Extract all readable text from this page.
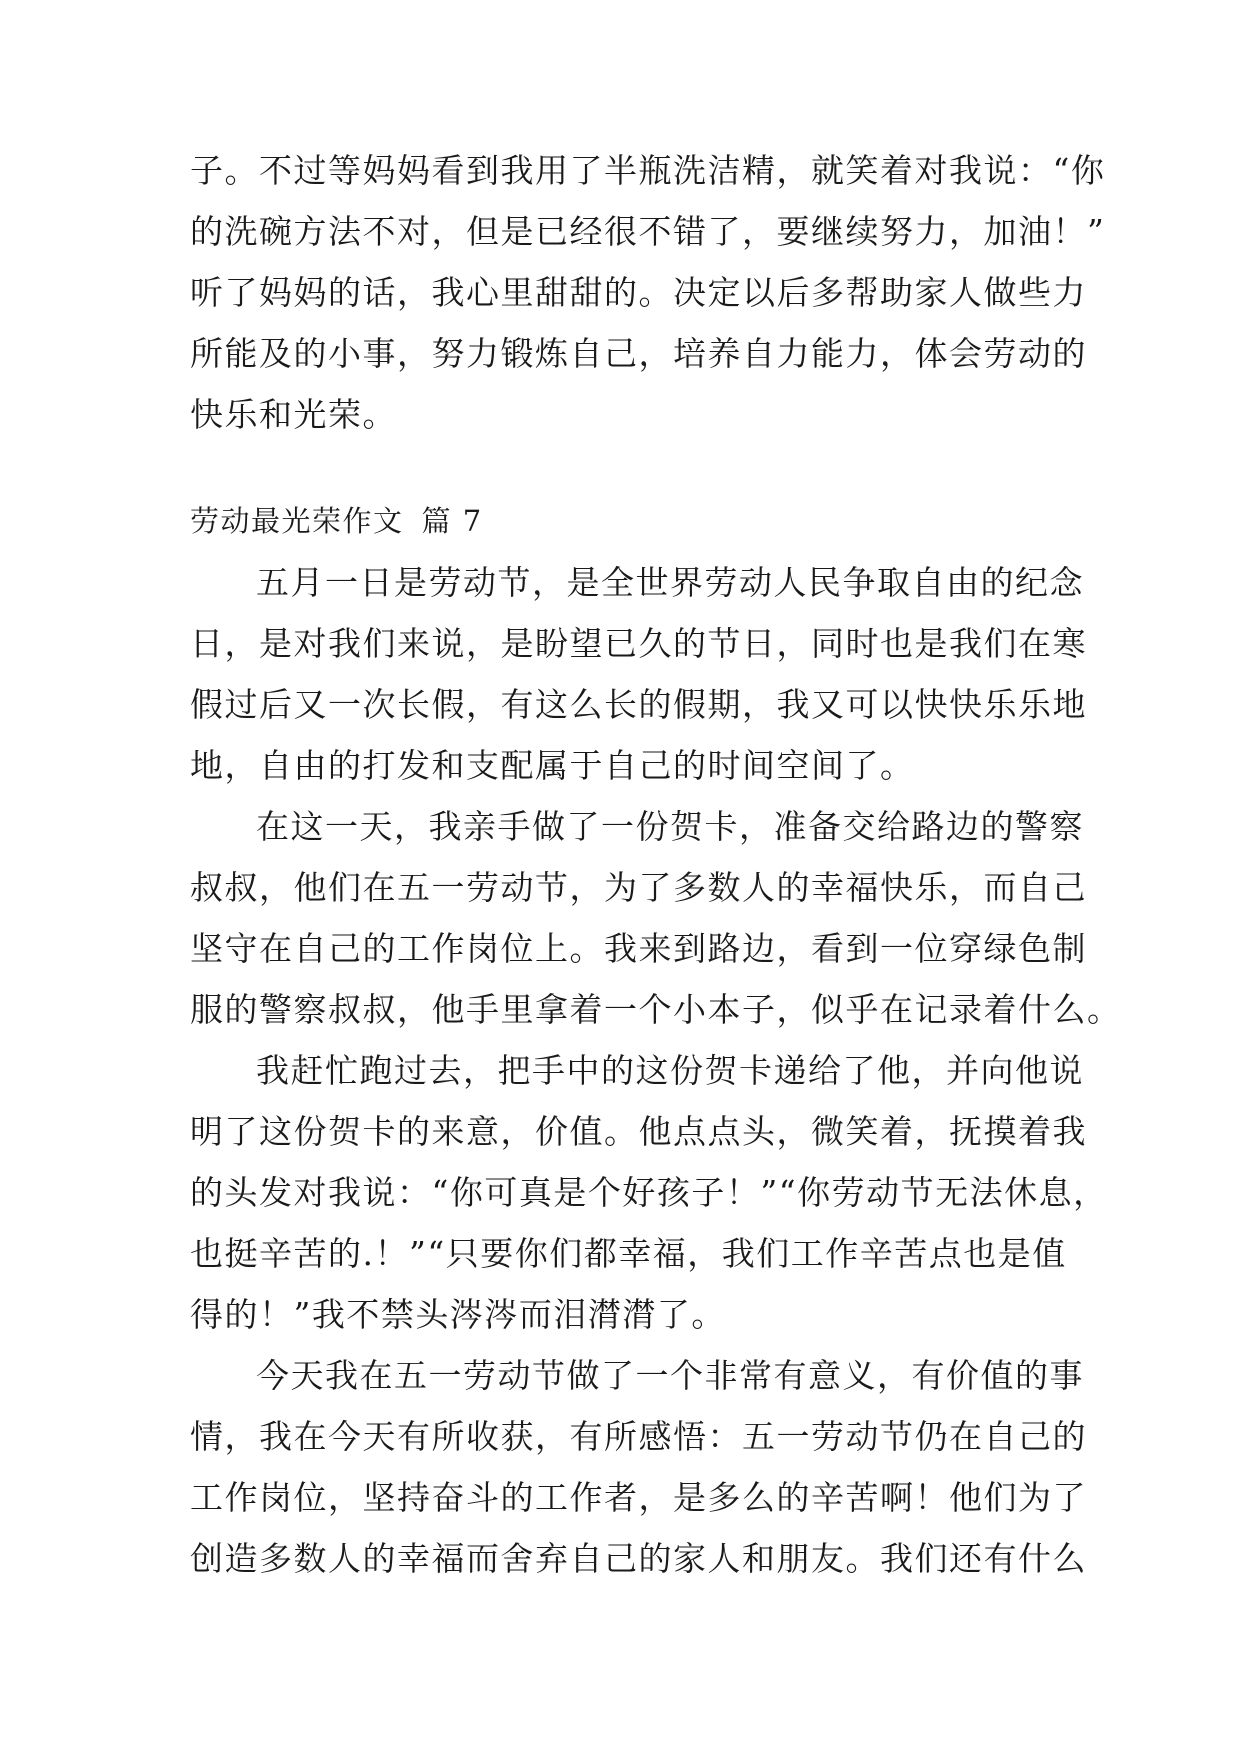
子。不过等妈妈看到我用了半瓶洗洁精，就笑着对我说：“你
的洗碗方法不对，但是已经很不错了，要继续努力，加油！”
听了妈妈的话，我心里甜甜的。决定以后多帮助家人做些力
所能及的小事，努力锻炼自己，培养自力能力，体会劳动的
快乐和光荣。
劳动最光荣作文 篇 7
五月一日是劳动节，是全世界劳动人民争取自由的纪念
日，是对我们来说，是盼望已久的节日，同时也是我们在寒
假过后又一次长假，有这么长的假期，我又可以快快乐乐地
地，自由的打发和支配属于自己的时间空间了。
在这一天，我亲手做了一份贺卡，准备交给路边的警察
叔叔，他们在五一劳动节，为了多数人的幸福快乐，而自己
坚守在自己的工作岗位上。我来到路边，看到一位穿绿色制
服的警察叔叔，他手里拿着一个小本子，似乎在记录着什么。
我赶忙跑过去，把手中的这份贺卡递给了他，并向他说
明了这份贺卡的来意，价值。他点点头，微笑着，抚摸着我
的头发对我说：“你可真是个好孩子！”“你劳动节无法休息，
也挺辛苦的.！”“只要你们都幸福，我们工作辛苦点也是值
得的！”我不禁头涔涔而泪潸潸了。
今天我在五一劳动节做了一个非常有意义，有价值的事
情，我在今天有所收获，有所感悟：五一劳动节仍在自己的
工作岗位，坚持奋斗的工作者，是多么的辛苦啊！他们为了
创造多数人的幸福而舍弃自己的家人和朋友。我们还有什么
